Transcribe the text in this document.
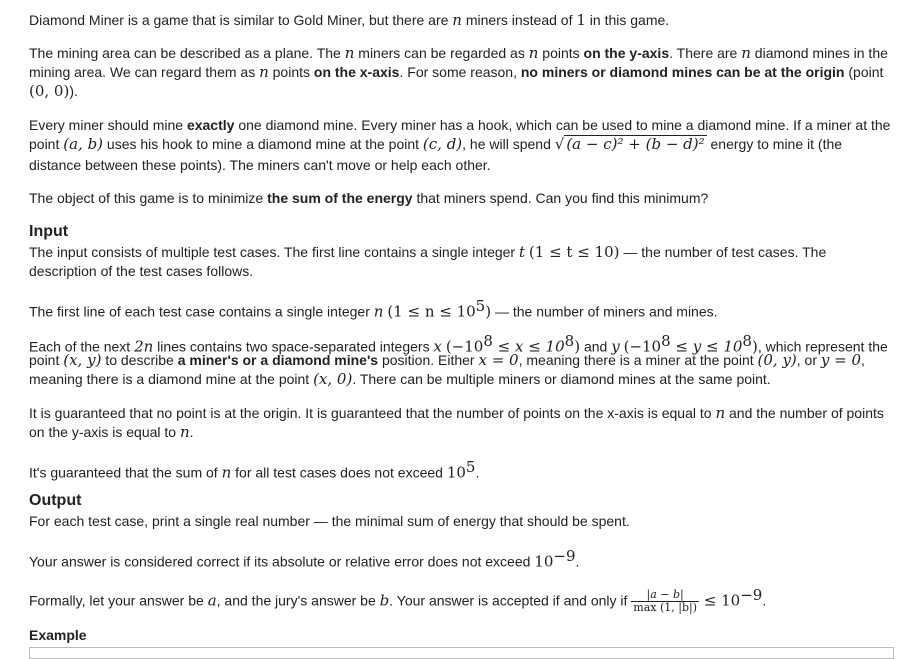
Diamond Miner is a game that is similar to Gold Miner, but there are n miners instead of 1 in this game.
The mining area can be described as a plane. The n miners can be regarded as n points on the y-axis. There are n diamond mines in the
mining area. We can regard them as n points on the x-axis. For some reason, no miners or diamond mines can be at the origin (point
(0, 0)).
Every miner should mine exactly one diamond mine. Every miner has a hook, which can be used to mine a diamond mine. If a miner at the
point (a, b) uses his hook to mine a diamond mine at the point (c, d), he will spend √ (a − c)² + (b − d)² energy to mine it (the
distance between these points). The miners can't move or help each other.
The object of this game is to minimize the sum of the energy that miners spend. Can you find this minimum?
Input
The input consists of multiple test cases. The first line contains a single integer t (1 ≤ t ≤ 10) — the number of test cases. The
description of the test cases follows.
The first line of each test case contains a single integer n $(1 \le n \le 10^5)$ — the number of miners and mines.
Each of the next 2n lines contains two space-separated integers x $(-10^8 \le x \le 10^8)$ and y $(-10^8 \le y \le 10^8)$, which represent the
point (x, y) to describe a miner's or a diamond mine's position. Either x = 0, meaning there is a miner at the point (0, y), or y = 0,
meaning there is a diamond mine at the point (x, 0). There can be multiple miners or diamond mines at the same point.
It is guaranteed that no point is at the origin. It is guaranteed that the number of points on the x-axis is equal to n and the number of points
on the y-axis is equal to n.
It's guaranteed that the sum of n for all test cases does not exceed $10^5$.
Output
For each test case, print a single real number — the minimal sum of energy that should be spent.
Your answer is considered correct if its absolute or relative error does not exceed $10^{-9}$.
Formally, let your answer be a, and the jury's answer be b. Your answer is accepted if and only if $\frac{|a - b|}{\max (1, |b|)} \le 10^{-9}$.
Example
